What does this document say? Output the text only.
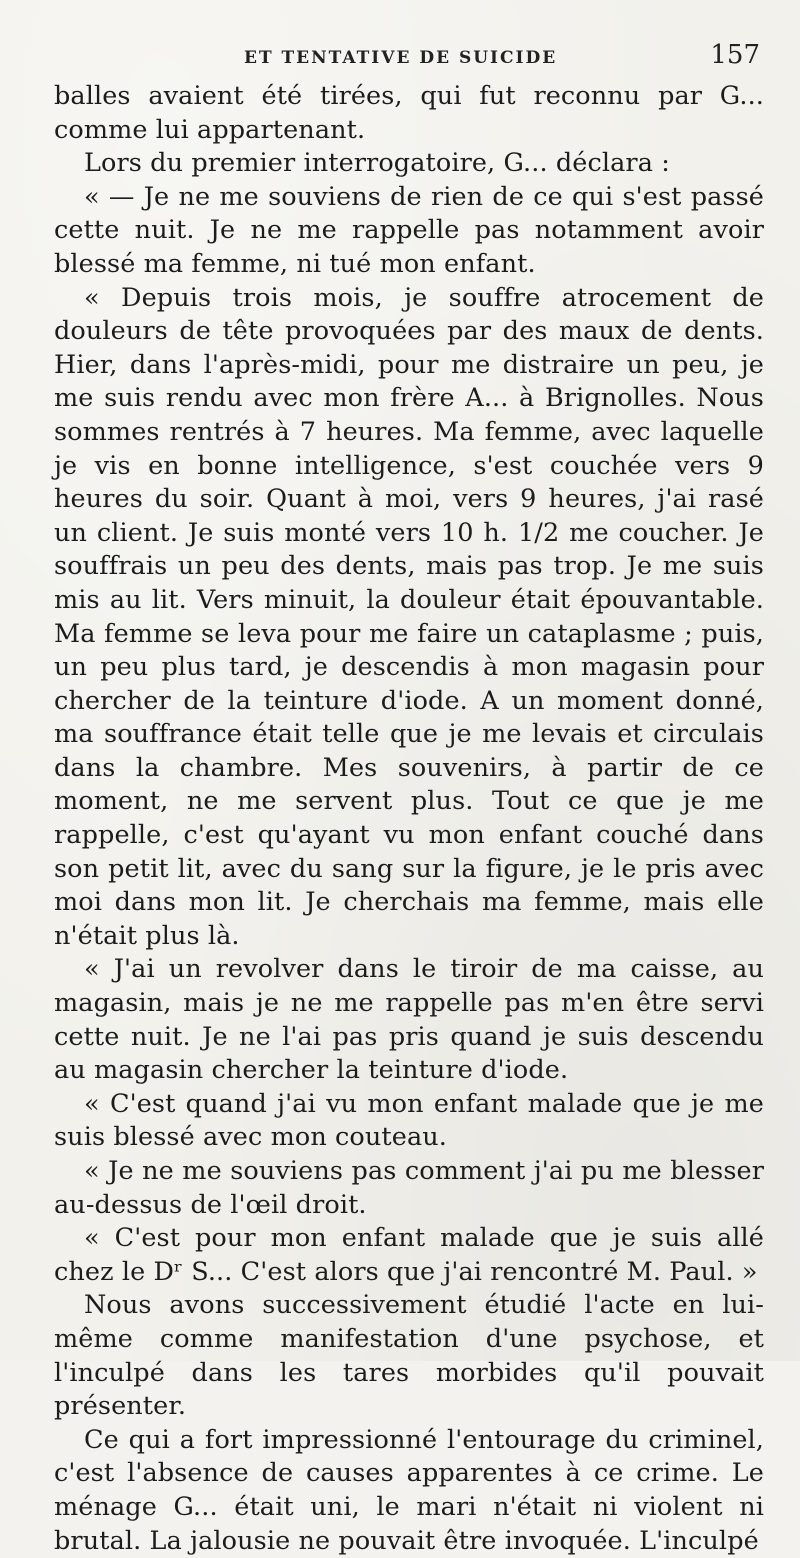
ET TENTATIVE DE SUICIDE	157

balles avaient été tirées, qui fut reconnu par G... comme lui appartenant.

Lors du premier interrogatoire, G... déclara :

« — Je ne me souviens de rien de ce qui s'est passé cette nuit. Je ne me rappelle pas notamment avoir blessé ma femme, ni tué mon enfant.

« Depuis trois mois, je souffre atrocement de douleurs de tête provoquées par des maux de dents. Hier, dans l'après-midi, pour me distraire un peu, je me suis rendu avec mon frère A... à Brignolles. Nous sommes rentrés à 7 heures. Ma femme, avec laquelle je vis en bonne intelligence, s'est couchée vers 9 heures du soir. Quant à moi, vers 9 heures, j'ai rasé un client. Je suis monté vers 10 h. 1/2 me coucher. Je souffrais un peu des dents, mais pas trop. Je me suis mis au lit. Vers minuit, la douleur était épouvantable. Ma femme se leva pour me faire un cataplasme ; puis, un peu plus tard, je descendis à mon magasin pour chercher de la teinture d'iode. A un moment donné, ma souffrance était telle que je me levais et circulais dans la chambre. Mes souvenirs, à partir de ce moment, ne me servent plus. Tout ce que je me rappelle, c'est qu'ayant vu mon enfant couché dans son petit lit, avec du sang sur la figure, je le pris avec moi dans mon lit. Je cherchais ma femme, mais elle n'était plus là.

« J'ai un revolver dans le tiroir de ma caisse, au magasin, mais je ne me rappelle pas m'en être servi cette nuit. Je ne l'ai pas pris quand je suis descendu au magasin chercher la teinture d'iode.

« C'est quand j'ai vu mon enfant malade que je me suis blessé avec mon couteau.

« Je ne me souviens pas comment j'ai pu me blesser au-dessus de l'œil droit.

« C'est pour mon enfant malade que je suis allé chez le Dʳ S... C'est alors que j'ai rencontré M. Paul. »

Nous avons successivement étudié l'acte en lui-même comme manifestation d'une psychose, et l'inculpé dans les tares morbides qu'il pouvait présenter.

Ce qui a fort impressionné l'entourage du criminel, c'est l'absence de causes apparentes à ce crime. Le ménage G... était uni, le mari n'était ni violent ni brutal. La jalousie ne pouvait être invoquée. L'inculpé
